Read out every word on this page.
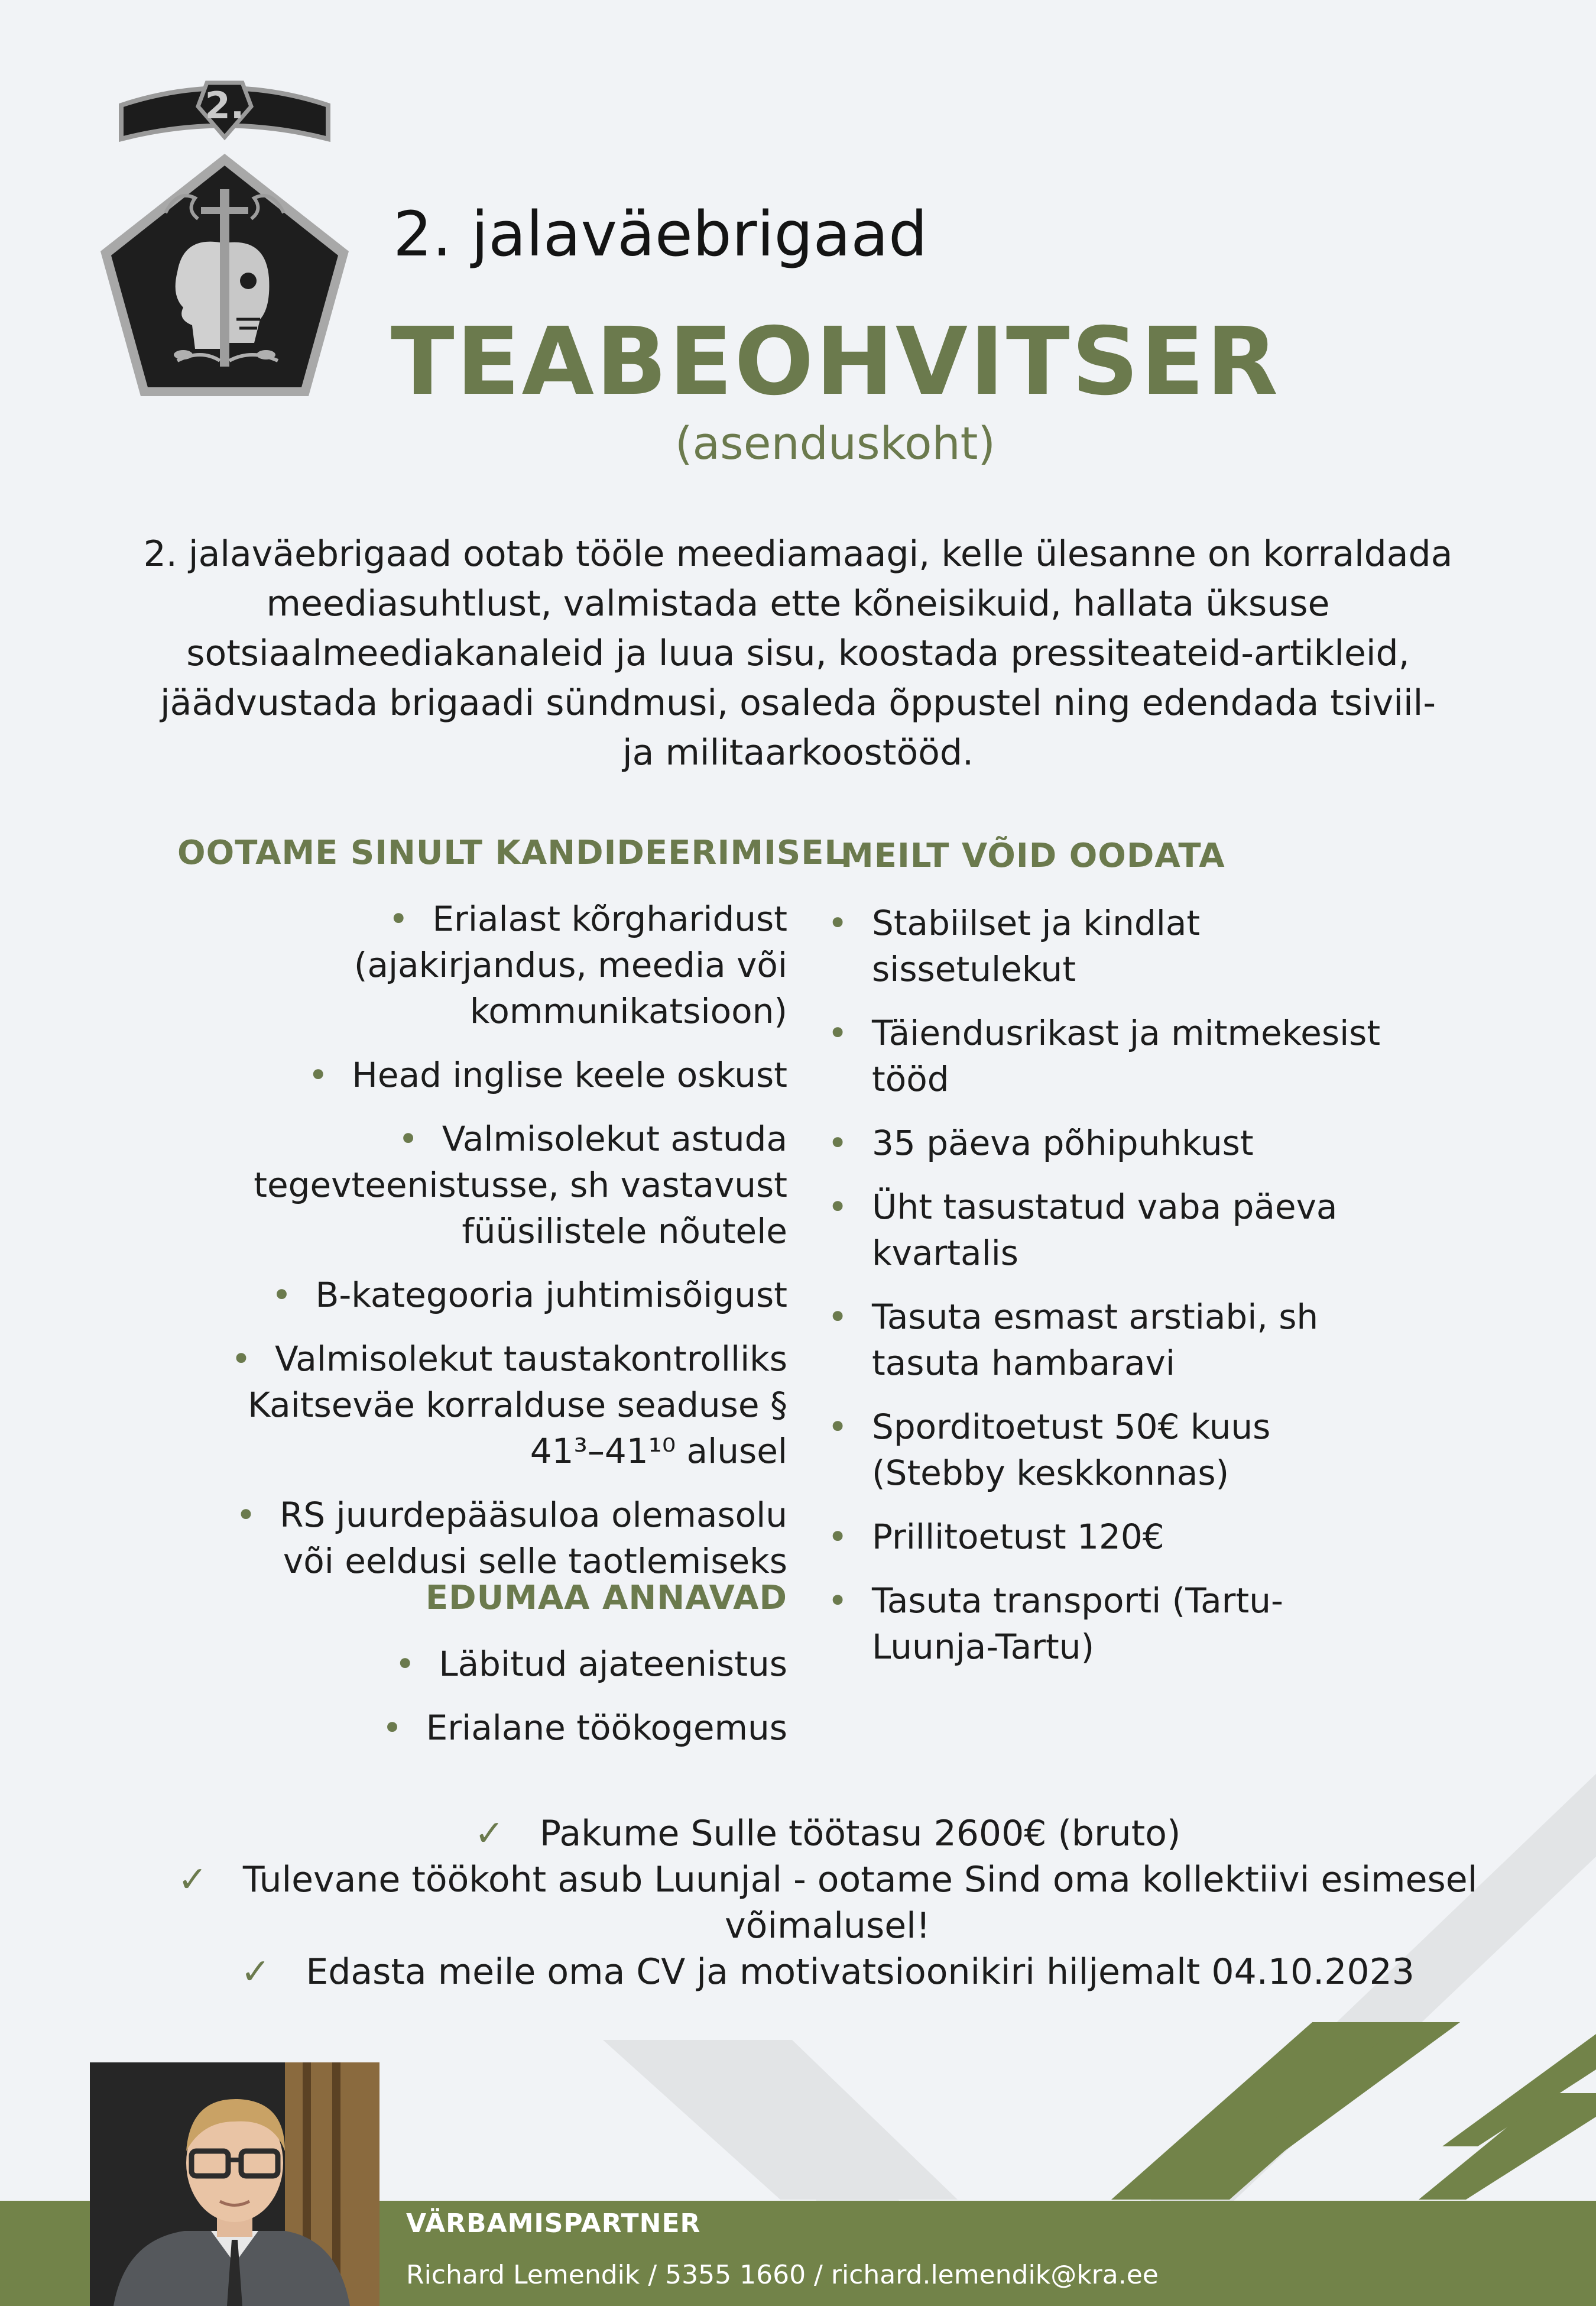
2.
2. jalaväebrigaad
TEABEOHVITSER
(asenduskoht)
2. jalaväebrigaad ootab tööle meediamaagi, kelle ülesanne on korraldada meediasuhtlust, valmistada ette kõneisikuid, hallata üksuse sotsiaalmeediakanaleid ja luua sisu, koostada pressiteateid-artikleid, jäädvustada brigaadi sündmusi, osaleda õppustel ning edendada tsiviil- ja militaarkoostööd.
OOTAME SINULT KANDIDEERIMISEL
• Erialast kõrgharidust (ajakirjandus, meedia või kommunikatsioon)
• Head inglise keele oskust
• Valmisolekut astuda tegevteenistusse, sh vastavust füüsilistele nõutele
• B-kategooria juhtimisõigust
• Valmisolekut taustakontrolliks Kaitseväe korralduse seaduse § 41³–41¹⁰ alusel
• RS juurdepääsuloa olemasolu või eeldusi selle taotlemiseks
EDUMAA ANNAVAD
• Läbitud ajateenistus
• Erialane töökogemus
MEILT VÕID OODATA
• Stabiilset ja kindlat sissetulekut
• Täiendusrikast ja mitmekesist tööd
• 35 päeva põhipuhkust
• Üht tasustatud vaba päeva kvartalis
• Tasuta esmast arstiabi, sh tasuta hambaravi
• Sporditoetust 50€ kuus (Stebby keskkonnas)
• Prillitoetust 120€
• Tasuta transporti (Tartu-Luunja-Tartu)
✓ Pakume Sulle töötasu 2600€ (bruto)
✓ Tulevane töökoht asub Luunjal - ootame Sind oma kollektiivi esimesel võimalusel!
✓ Edasta meile oma CV ja motivatsioonikiri hiljemalt 04.10.2023
VÄRBAMISPARTNER
Richard Lemendik / 5355 1660 / richard.lemendik@kra.ee
